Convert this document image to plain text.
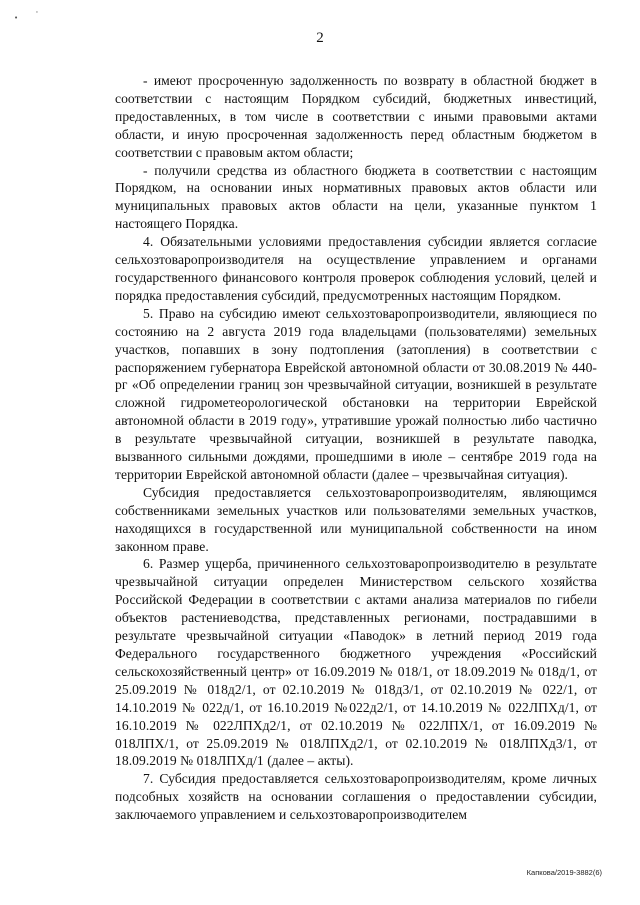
•	'
2

- имеют просроченную задолженность по возврату в областной бюджет в соответствии с настоящим Порядком субсидий, бюджетных инвестиций, предоставленных, в том числе в соответствии с иными правовыми актами области, и иную просроченная задолженность перед областным бюджетом в соответствии с правовым актом области;

- получили средства из областного бюджета в соответствии с настоящим Порядком, на основании иных нормативных правовых актов области или муниципальных правовых актов области на цели, указанные пунктом 1 настоящего Порядка.

4. Обязательными условиями предоставления субсидии является согласие сельхозтоваропроизводителя на осуществление управлением и органами государственного финансового контроля проверок соблюдения условий, целей и порядка предоставления субсидий, предусмотренных настоящим Порядком.

5. Право на субсидию имеют сельхозтоваропроизводители, являющиеся по состоянию на 2 августа 2019 года владельцами (пользователями) земельных участков, попавших в зону подтопления (затопления) в соответствии с распоряжением губернатора Еврейской автономной области от 30.08.2019 № 440-рг «Об определении границ зон чрезвычайной ситуации, возникшей в результате сложной гидрометеорологической обстановки на территории Еврейской автономной области в 2019 году», утратившие урожай полностью либо частично в результате чрезвычайной ситуации, возникшей в результате паводка, вызванного сильными дождями, прошедшими в июле – сентябре 2019 года на территории Еврейской автономной области (далее – чрезвычайная ситуация).

Субсидия предоставляется сельхозтоваропроизводителям, являющимся собственниками земельных участков или пользователями земельных участков, находящихся в государственной или муниципальной собственности на ином законном праве.

6. Размер ущерба, причиненного сельхозтоваропроизводителю в результате чрезвычайной ситуации определен Министерством сельского хозяйства Российской Федерации в соответствии с актами анализа материалов по гибели объектов растениеводства, представленных регионами, пострадавшими в результате чрезвычайной ситуации «Паводок» в летний период 2019 года Федерального государственного бюджетного учреждения «Российский сельскохозяйственный центр» от 16.09.2019 № 018/1, от 18.09.2019 № 018д/1, от 25.09.2019 № 018д2/1, от 02.10.2019 № 018д3/1, от 02.10.2019 № 022/1, от 14.10.2019 № 022д/1, от 16.10.2019 №022д2/1, от 14.10.2019 № 022ЛПХд/1, от 16.10.2019 № 022ЛПХд2/1, от 02.10.2019 № 022ЛПХ/1, от 16.09.2019 № 018ЛПХ/1, от 25.09.2019 № 018ЛПХд2/1, от 02.10.2019 № 018ЛПХд3/1, от 18.09.2019 № 018ЛПХд/1 (далее – акты).

7. Субсидия предоставляется сельхозтоваропроизводителям, кроме личных подсобных хозяйств на основании соглашения о предоставлении субсидии, заключаемого управлением и сельхозтоваропроизводителем

Капкова/2019-3882(6)
